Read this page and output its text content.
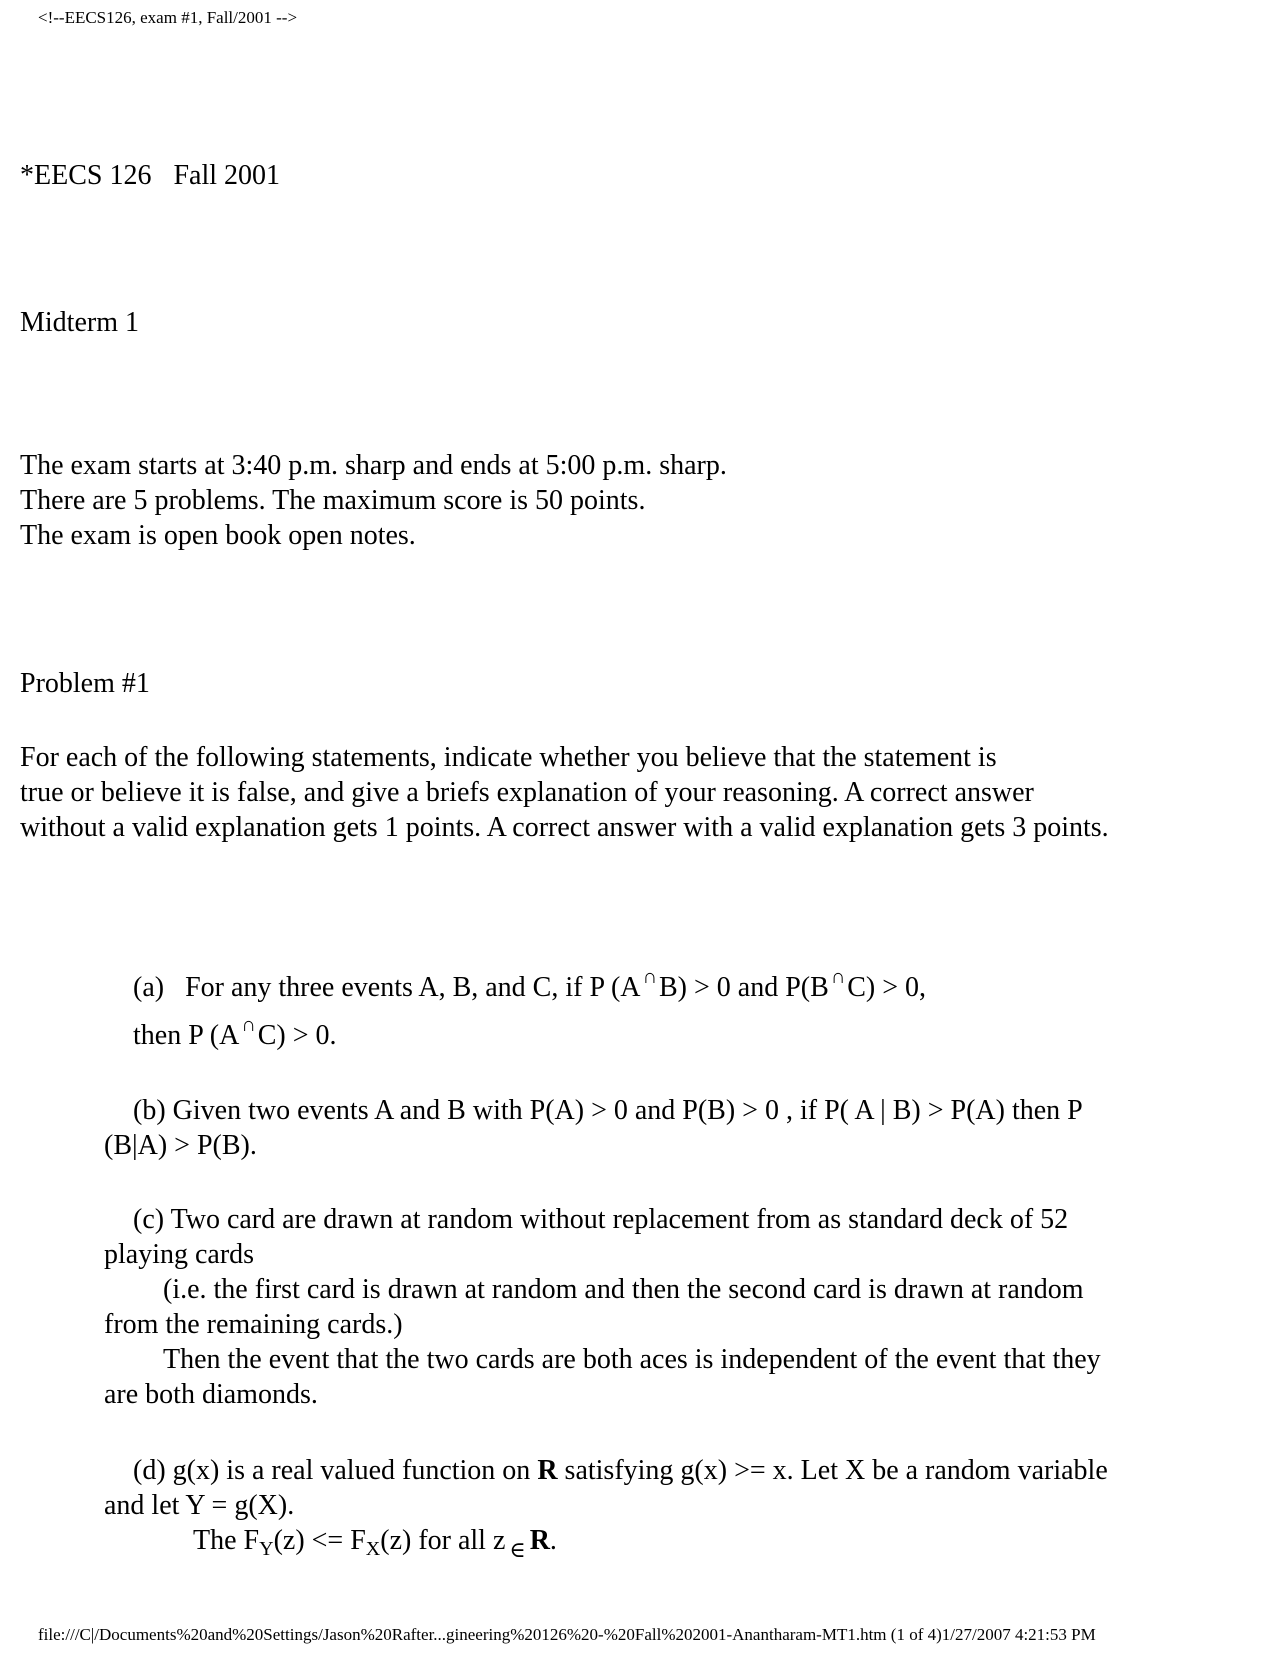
<!--EECS126, exam #1, Fall/2001 -->
*EECS 126 Fall 2001
Midterm 1
The exam starts at 3:40 p.m. sharp and ends at 5:00 p.m. sharp.
There are 5 problems. The maximum score is 50 points.
The exam is open book open notes.
Problem #1
For each of the following statements, indicate whether you believe that the statement is
true or believe it is false, and give a briefs explanation of your reasoning. A correct answer
without a valid explanation gets 1 points. A correct answer with a valid explanation gets 3 points.
(a) For any three events A, B, and C, if P (A ∩B) > 0 and P(B ∩C) > 0,
then P (A ∩C) > 0.
(b) Given two events A and B with P(A) > 0 and P(B) > 0 , if P( A | B) > P(A) then P
(B|A) > P(B).
(c) Two card are drawn at random without replacement from as standard deck of 52
playing cards
(i.e. the first card is drawn at random and then the second card is drawn at random
from the remaining cards.)
Then the event that the two cards are both aces is independent of the event that they
are both diamonds.
(d) g(x) is a real valued function on R satisfying g(x) >= x. Let X be a random variable
and let Y = g(X).
The $F_Y(z) <= F_X(z)$ for all z ∈ R.
file:///C|/Documents%20and%20Settings/Jason%20Rafter...gineering%20126%20-%20Fall%202001-Anantharam-MT1.htm (1 of 4)1/27/2007 4:21:53 PM
